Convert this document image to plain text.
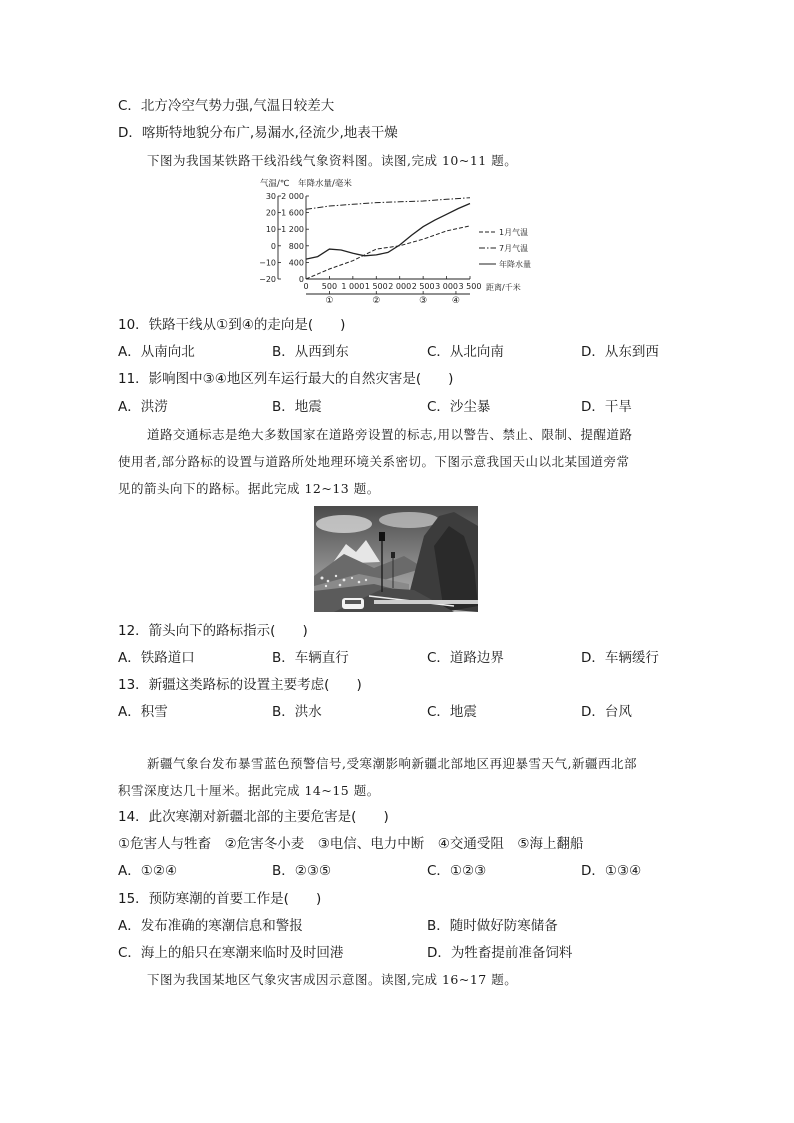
C．北方冷空气势力强,气温日较差大
D．喀斯特地貌分布广,易漏水,径流少,地表干燥
下图为我国某铁路干线沿线气象资料图。读图,完成 10~11 题。
气温/℃ 年降水量/毫米
30
20
10
0
−10
−20
2 000
1 600
1 200
800
400
0
0 500 1 000 1 500 2 000 2 500 3 000 3 500
①	②	③	④
1月气温
7月气温
年降水量
距离/千米
10．铁路干线从①到④的走向是(　　)
A．从南向北	B．从西到东	C．从北向南	D．从东到西
11．影响图中③④地区列车运行最大的自然灾害是(　　)
A．洪涝	B．地震	C．沙尘暴	D．干旱
道路交通标志是绝大多数国家在道路旁设置的标志,用以警告、禁止、限制、提醒道路
使用者,部分路标的设置与道路所处地理环境关系密切。下图示意我国天山以北某国道旁常
见的箭头向下的路标。据此完成 12~13 题。
12．箭头向下的路标指示(　　)
A．铁路道口	B．车辆直行	C．道路边界	D．车辆缓行
13．新疆这类路标的设置主要考虑(　　)
A．积雪	B．洪水	C．地震	D．台风
新疆气象台发布暴雪蓝色预警信号,受寒潮影响新疆北部地区再迎暴雪天气,新疆西北部
积雪深度达几十厘米。据此完成 14~15 题。
14．此次寒潮对新疆北部的主要危害是(　　)
①危害人与牲畜　②危害冬小麦　③电信、电力中断　④交通受阻　⑤海上翻船
A．①②④	B．②③⑤	C．①②③	D．①③④
15．预防寒潮的首要工作是(　　)
A．发布准确的寒潮信息和警报	B．随时做好防寒储备
C．海上的船只在寒潮来临时及时回港	D．为牲畜提前准备饲料
下图为我国某地区气象灾害成因示意图。读图,完成 16~17 题。
